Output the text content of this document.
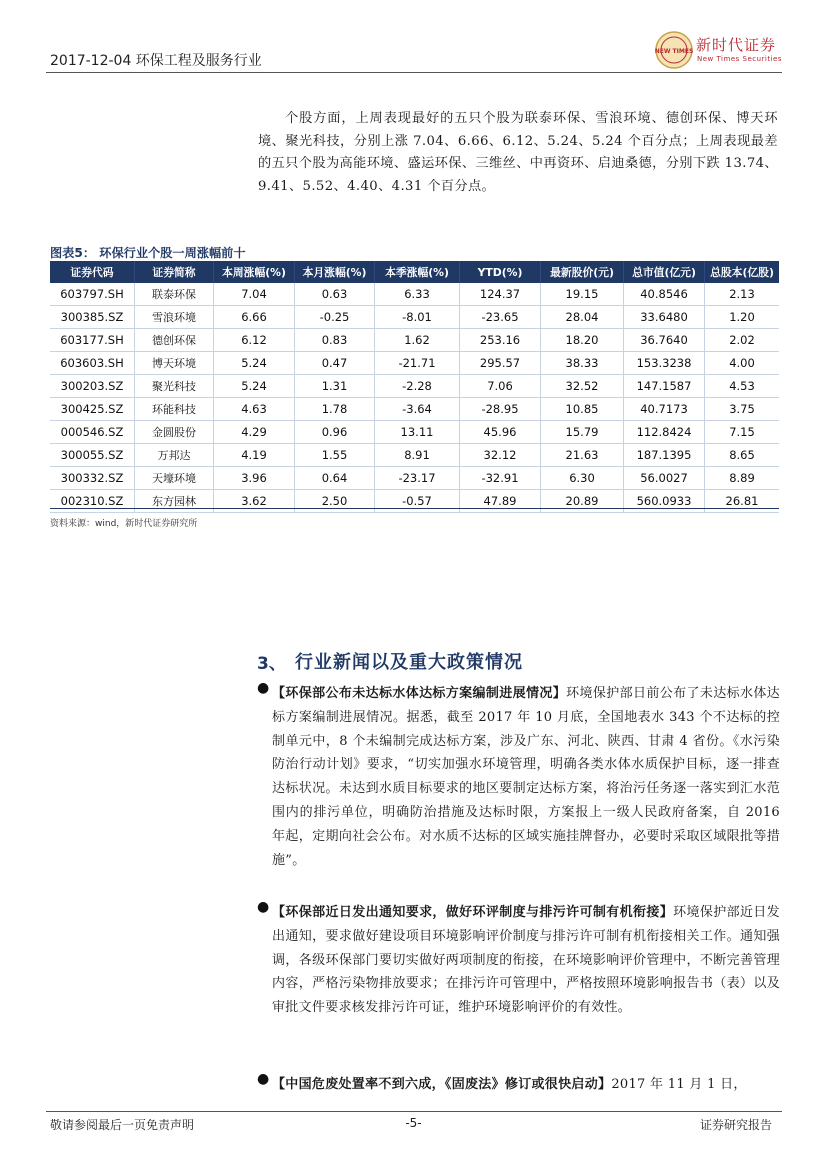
2017-12-04 环保工程及服务行业
NEW TIMES 新时代证券
New Times Securities
个股方面，上周表现最好的五只个股为联泰环保、雪浪环境、德创环保、博天环境、聚光科技，分别上涨 7.04、6.66、6.12、5.24、5.24 个百分点；上周表现最差的五只个股为高能环境、盛运环保、三维丝、中再资环、启迪桑德，分别下跌 13.74、9.41、5.52、4.40、4.31 个百分点。
图表5： 环保行业个股一周涨幅前十
证券代码	证券简称	本周涨幅(%)	本月涨幅(%)	本季涨幅(%)	YTD(%)	最新股价(元)	总市值(亿元)	总股本(亿股)
603797.SH	联泰环保	7.04	0.63	6.33	124.37	19.15	40.8546	2.13
300385.SZ	雪浪环境	6.66	-0.25	-8.01	-23.65	28.04	33.6480	1.20
603177.SH	德创环保	6.12	0.83	1.62	253.16	18.20	36.7640	2.02
603603.SH	博天环境	5.24	0.47	-21.71	295.57	38.33	153.3238	4.00
300203.SZ	聚光科技	5.24	1.31	-2.28	7.06	32.52	147.1587	4.53
300425.SZ	环能科技	4.63	1.78	-3.64	-28.95	10.85	40.7173	3.75
000546.SZ	金圆股份	4.29	0.96	13.11	45.96	15.79	112.8424	7.15
300055.SZ	万邦达	4.19	1.55	8.91	32.12	21.63	187.1395	8.65
300332.SZ	天壕环境	3.96	0.64	-23.17	-32.91	6.30	56.0027	8.89
002310.SZ	东方园林	3.62	2.50	-0.57	47.89	20.89	560.0933	26.81
资料来源：wind，新时代证券研究所
3、 行业新闻以及重大政策情况
● 【环保部公布未达标水体达标方案编制进展情况】环境保护部日前公布了未达标水体达标方案编制进展情况。据悉，截至 2017 年 10 月底，全国地表水 343 个不达标的控制单元中，8 个未编制完成达标方案，涉及广东、河北、陕西、甘肃 4 省份。《水污染防治行动计划》要求，“切实加强水环境管理，明确各类水体水质保护目标，逐一排查达标状况。未达到水质目标要求的地区要制定达标方案，将治污任务逐一落实到汇水范围内的排污单位，明确防治措施及达标时限，方案报上一级人民政府备案，自 2016 年起，定期向社会公布。对水质不达标的区域实施挂牌督办，必要时采取区域限批等措施”。
● 【环保部近日发出通知要求，做好环评制度与排污许可制有机衔接】环境保护部近日发出通知，要求做好建设项目环境影响评价制度与排污许可制有机衔接相关工作。通知强调，各级环保部门要切实做好两项制度的衔接，在环境影响评价管理中，不断完善管理内容，严格污染物排放要求；在排污许可管理中，严格按照环境影响报告书（表）以及审批文件要求核发排污许可证，维护环境影响评价的有效性。
● 【中国危废处置率不到六成，《固废法》修订或很快启动】2017 年 11 月 1 日，
敬请参阅最后一页免责声明	-5-	证券研究报告
